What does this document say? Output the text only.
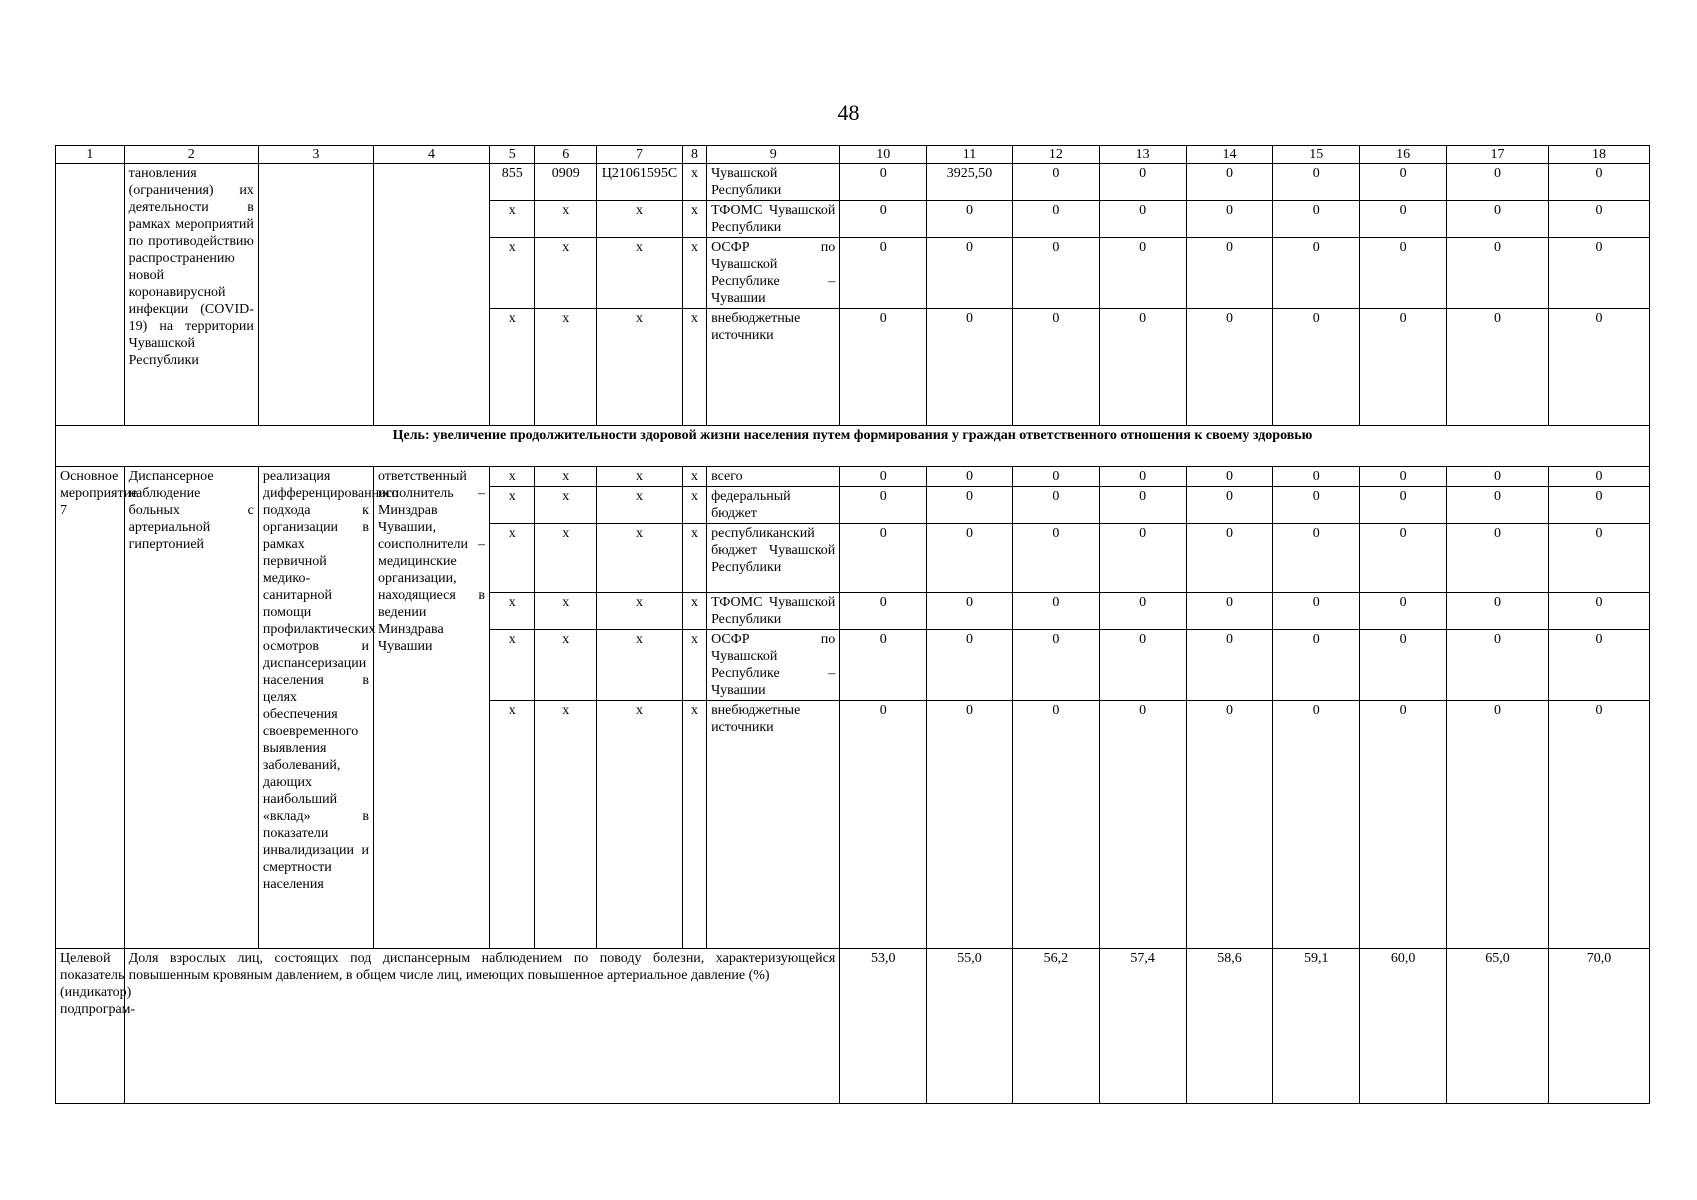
48
1	2	3	4	5	6	7	8	9	10	11	12	13	14	15	16	17	18
	тановления (ограничения) их деятельности в рамках мероприятий по противодействию распространению новой коронавирусной инфекции (COVID-19) на территории Чувашской Республики			855	0909	Ц21061595С	x	Чувашской Республики	0	3925,50	0	0	0	0	0	0	0
				x	x	x	x	ТФОМС Чувашской Республики	0	0	0	0	0	0	0	0	0
				x	x	x	x	ОСФР по Чувашской Республике – Чувашии	0	0	0	0	0	0	0	0	0
				x	x	x	x	внебюджетные источники	0	0	0	0	0	0	0	0	0
Цель: увеличение продолжительности здоровой жизни населения путем формирования у граждан ответственного отношения к своему здоровью																	
Основное мероприятие 7	Диспансерное наблюдение больных с артериальной гипертонией	реализация дифференцированного подхода к организации в рамках первичной медико-санитарной помощи профилактических осмотров и диспансеризации населения в целях обеспечения своевременного выявления заболеваний, дающих наибольший «вклад» в показатели инвалидизации и смертности населения	ответственный исполнитель – Минздрав Чувашии, соисполнители – медицинские организации, находящиеся в ведении Минздрава Чувашии	x	x	x	x	всего	0	0	0	0	0	0	0	0	0
				x	x	x	x	федеральный бюджет	0	0	0	0	0	0	0	0	0
				x	x	x	x	республиканский бюджет Чувашской Республики	0	0	0	0	0	0	0	0	0
				x	x	x	x	ТФОМС Чувашской Республики	0	0	0	0	0	0	0	0	0
				x	x	x	x	ОСФР по Чувашской Республике – Чувашии	0	0	0	0	0	0	0	0	0
				x	x	x	x	внебюджетные источники	0	0	0	0	0	0	0	0	0
Целевой показатель (индикатор) подпрограм-	Доля взрослых лиц, состоящих под диспансерным наблюдением по поводу болезни, характеризующейся повышенным кровяным давлением, в общем числе лиц, имеющих повышенное артериальное давление (%)								53,0	55,0	56,2	57,4	58,6	59,1	60,0	65,0	70,0
